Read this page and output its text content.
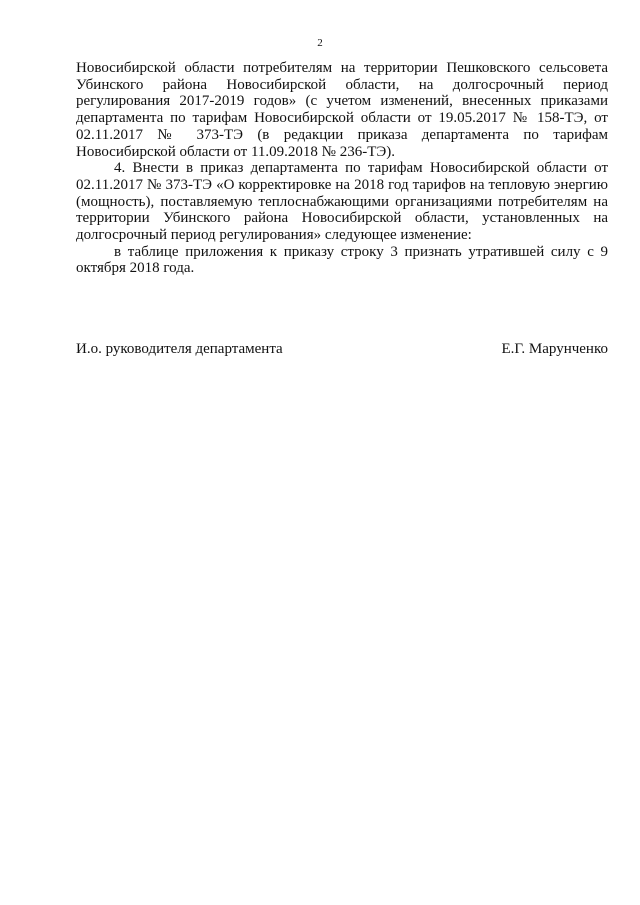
2

Новосибирской области потребителям на территории Пешковского сельсовета Убинского района Новосибирской области, на долгосрочный период регулирования 2017-2019 годов» (с учетом изменений, внесенных приказами департамента по тарифам Новосибирской области от 19.05.2017 № 158-ТЭ, от 02.11.2017 № 373-ТЭ (в редакции приказа департамента по тарифам Новосибирской области от 11.09.2018 № 236-ТЭ).

4. Внести в приказ департамента по тарифам Новосибирской области от 02.11.2017 № 373-ТЭ «О корректировке на 2018 год тарифов на тепловую энергию (мощность), поставляемую теплоснабжающими организациями потребителям на территории Убинского района Новосибирской области, установленных на долгосрочный период регулирования» следующее изменение:

в таблице приложения к приказу строку 3 признать утратившей силу с 9 октября 2018 года.

И.о. руководителя департамента	Е.Г. Марунченко
